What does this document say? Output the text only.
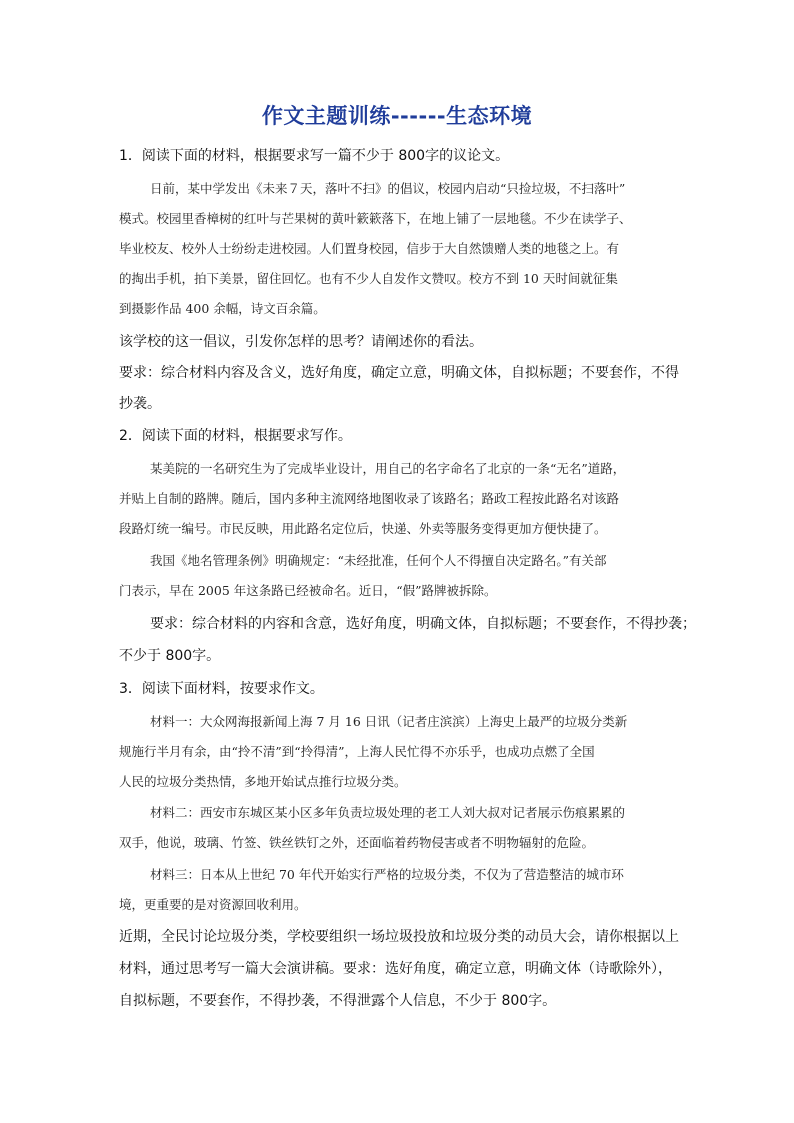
作文主题训练------生态环境
1．阅读下面的材料，根据要求写一篇不少于 800字的议论文。
日前，某中学发出《未来７天，落叶不扫》的倡议，校园内启动“只捡垃圾，不扫落叶”
模式。校园里香樟树的红叶与芒果树的黄叶簌簌落下，在地上铺了一层地毯。不少在读学子、
毕业校友、校外人士纷纷走进校园。人们置身校园，信步于大自然馈赠人类的地毯之上。有
的掏出手机，拍下美景，留住回忆。也有不少人自发作文赞叹。校方不到 10 天时间就征集
到摄影作品 400 余幅，诗文百余篇。
该学校的这一倡议，引发你怎样的思考？请阐述你的看法。
要求：综合材料内容及含义，选好角度，确定立意，明确文体，自拟标题；不要套作，不得
抄袭。
2．阅读下面的材料，根据要求写作。
某美院的一名研究生为了完成毕业设计，用自己的名字命名了北京的一条“无名”道路，
并贴上自制的路牌。随后，国内多种主流网络地图收录了该路名；路政工程按此路名对该路
段路灯统一编号。市民反映，用此路名定位后，快递、外卖等服务变得更加方便快捷了。
我国《地名管理条例》明确规定：“未经批准，任何个人不得擅自决定路名。”有关部
门表示，早在 2005 年这条路已经被命名。近日，“假”路牌被拆除。
要求：综合材料的内容和含意，选好角度，明确文体，自拟标题；不要套作，不得抄袭；
不少于 800字。
3．阅读下面材料，按要求作文。
材料一：大众网海报新闻上海 7 月 16 日讯（记者庄滨滨）上海史上最严的垃圾分类新
规施行半月有余，由“拎不清”到“拎得清”，上海人民忙得不亦乐乎，也成功点燃了全国
人民的垃圾分类热情，多地开始试点推行垃圾分类。
材料二：西安市东城区某小区多年负责垃圾处理的老工人刘大叔对记者展示伤痕累累的
双手，他说，玻璃、竹签、铁丝铁钉之外，还面临着药物侵害或者不明物辐射的危险。
材料三：日本从上世纪 70 年代开始实行严格的垃圾分类，不仅为了营造整洁的城市环
境，更重要的是对资源回收利用。
近期，全民讨论垃圾分类，学校要组织一场垃圾投放和垃圾分类的动员大会，请你根据以上
材料，通过思考写一篇大会演讲稿。要求：选好角度，确定立意，明确文体（诗歌除外），
自拟标题，不要套作，不得抄袭，不得泄露个人信息，不少于 800字。
